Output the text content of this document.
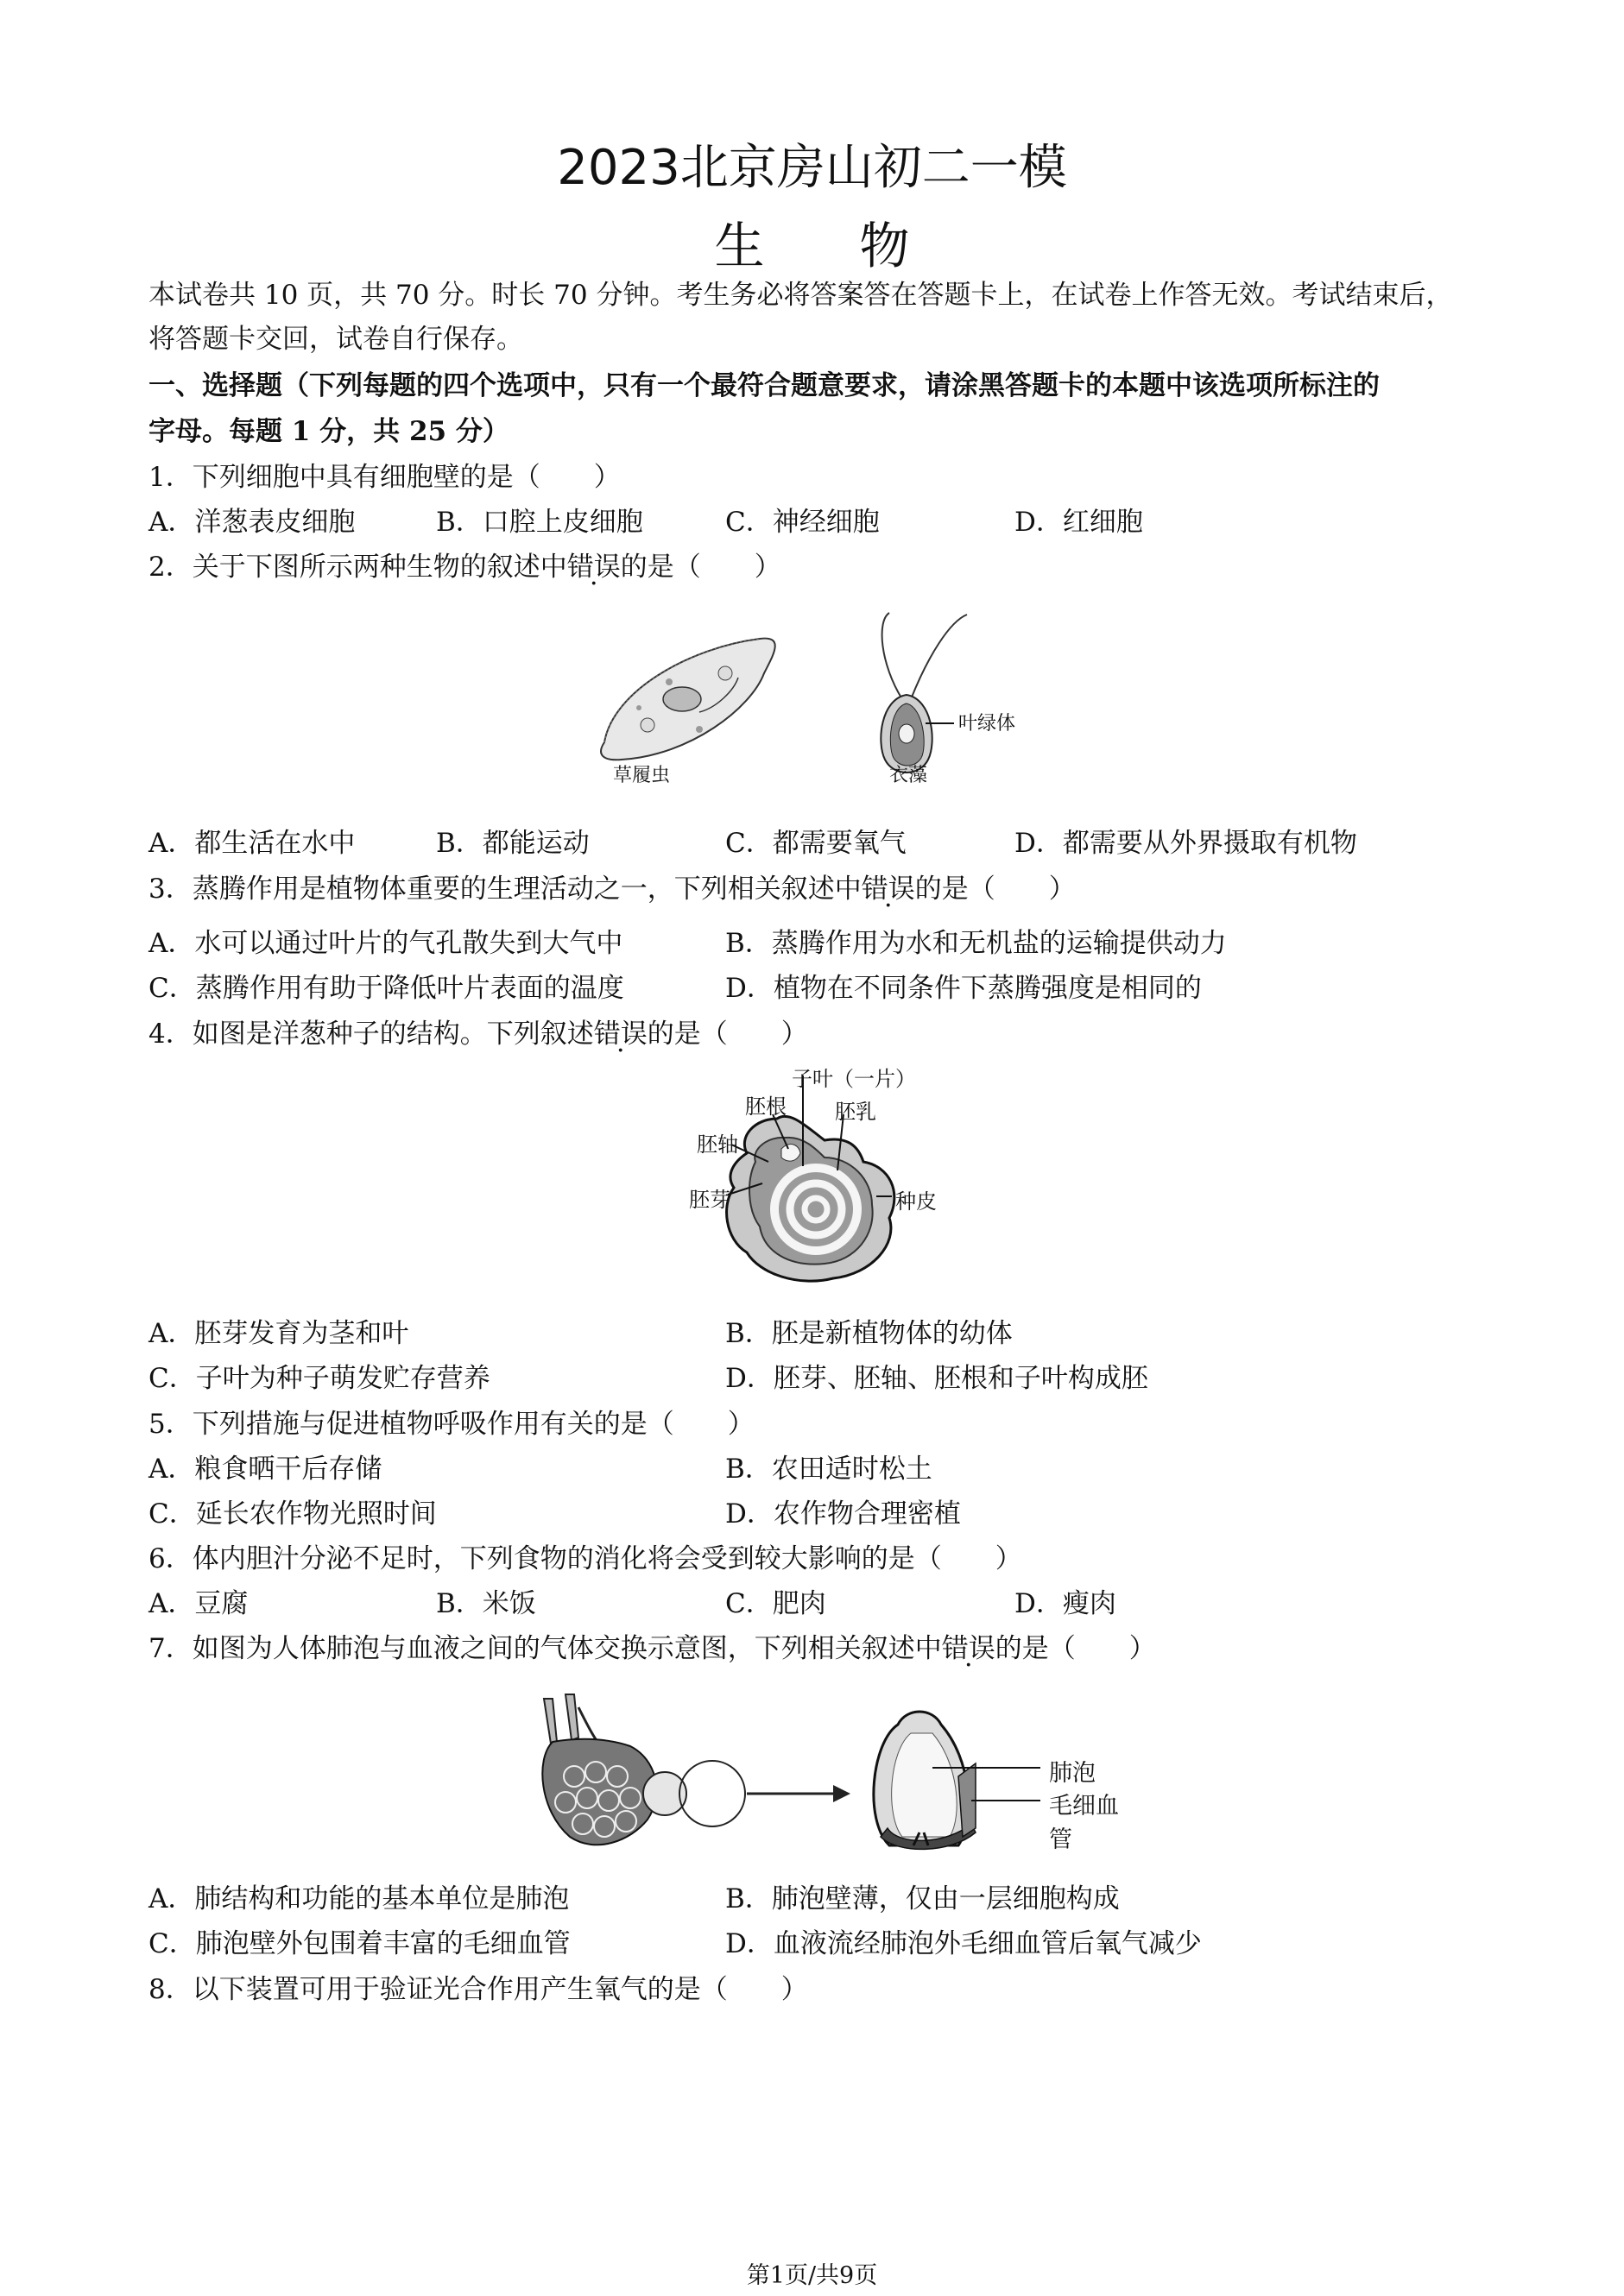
2023北京房山初二一模
生物
本试卷共 10 页，共 70 分。时长 70 分钟。考生务必将答案答在答题卡上，在试卷上作答无效。考试结束后，
将答题卡交回，试卷自行保存。
一、选择题（下列每题的四个选项中，只有一个最符合题意要求，请涂黑答题卡的本题中该选项所标注的
字母。每题 1 分，共 25 分）
1．下列细胞中具有细胞壁的是（　　）
A．洋葱表皮细胞	B．口腔上皮细胞	C．神经细胞	D．红细胞
2．关于下图所示两种生物的叙述中错误的是（　　）
草履虫
叶绿体
衣藻
A．都生活在水中	B．都能运动	C．都需要氧气	D．都需要从外界摄取有机物
3．蒸腾作用是植物体重要的生理活动之一，下列相关叙述中错误的是（　　）
A．水可以通过叶片的气孔散失到大气中	B．蒸腾作用为水和无机盐的运输提供动力
C．蒸腾作用有助于降低叶片表面的温度	D．植物在不同条件下蒸腾强度是相同的
4．如图是洋葱种子的结构。下列叙述错误的是（　　）
子叶（一片）
胚根 胚乳
胚轴
胚芽	种皮
A．胚芽发育为茎和叶	B．胚是新植物体的幼体
C．子叶为种子萌发贮存营养	D．胚芽、胚轴、胚根和子叶构成胚
5．下列措施与促进植物呼吸作用有关的是（　　）
A．粮食晒干后存储	B．农田适时松土
C．延长农作物光照时间	D．农作物合理密植
6．体内胆汁分泌不足时，下列食物的消化将会受到较大影响的是（　　）
A．豆腐	B．米饭	C．肥肉	D．瘦肉
7．如图为人体肺泡与血液之间的气体交换示意图，下列相关叙述中错误的是（　　）
肺泡
毛细血管
A．肺结构和功能的基本单位是肺泡	B．肺泡壁薄，仅由一层细胞构成
C．肺泡壁外包围着丰富的毛细血管	D．血液流经肺泡外毛细血管后氧气减少
8．以下装置可用于验证光合作用产生氧气的是（　　）
第1页/共9页
